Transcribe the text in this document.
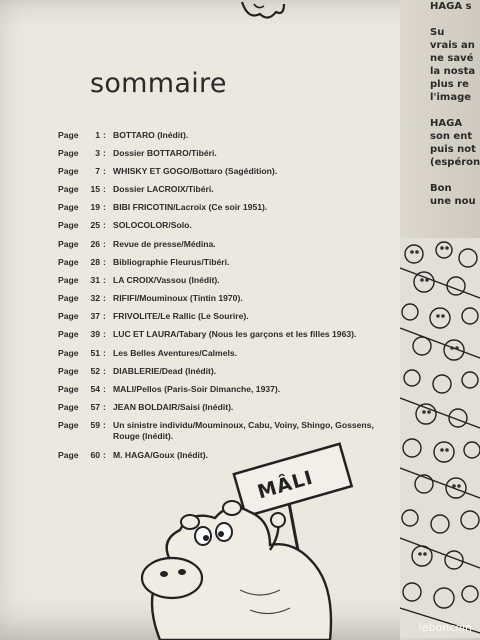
sommaire
Page	1 : BOTTARO (Inédit).
Page	3 : Dossier BOTTARO/Tibéri.
Page	7 : WHISKY ET GOGO/Bottaro (Sagédition).
Page	15 : Dossier LACROIX/Tibéri.
Page	19 : BIBI FRICOTIN/Lacroix (Ce soir 1951).
Page	25 : SOLOCOLOR/Solo.
Page	26 : Revue de presse/Médina.
Page	28 : Bibliographie Fleurus/Tibéri.
Page	31 : LA CROIX/Vassou (Inédit).
Page	32 : RIFIFI/Mouminoux (Tintin 1970).
Page	37 : FRIVOLITE/Le Rallic (Le Sourire).
Page	39 : LUC ET LAURA/Tabary (Nous les garçons et les filles 1963).
Page	51 : Les Belles Aventures/Calmels.
Page	52 : DIABLERIE/Dead (Inédit).
Page	54 : MALI/Pellos (Paris-Soir Dimanche, 1937).
Page	57 : JEAN BOLDAIR/Saisi (Inédit).
Page	59 : Un sinistre individu/Mouminoux, Cabu, Voiny, Shingo, Gossens, Rouge (Inédit).
Page	60 : M. HAGA/Goux (Inédit).
MÂLI
HAGA s
Su
vrais an
ne savé
la nosta
plus re
l'image
HAGA
son ent
puis not
(espéron
Bon
une nou
leboncoin
